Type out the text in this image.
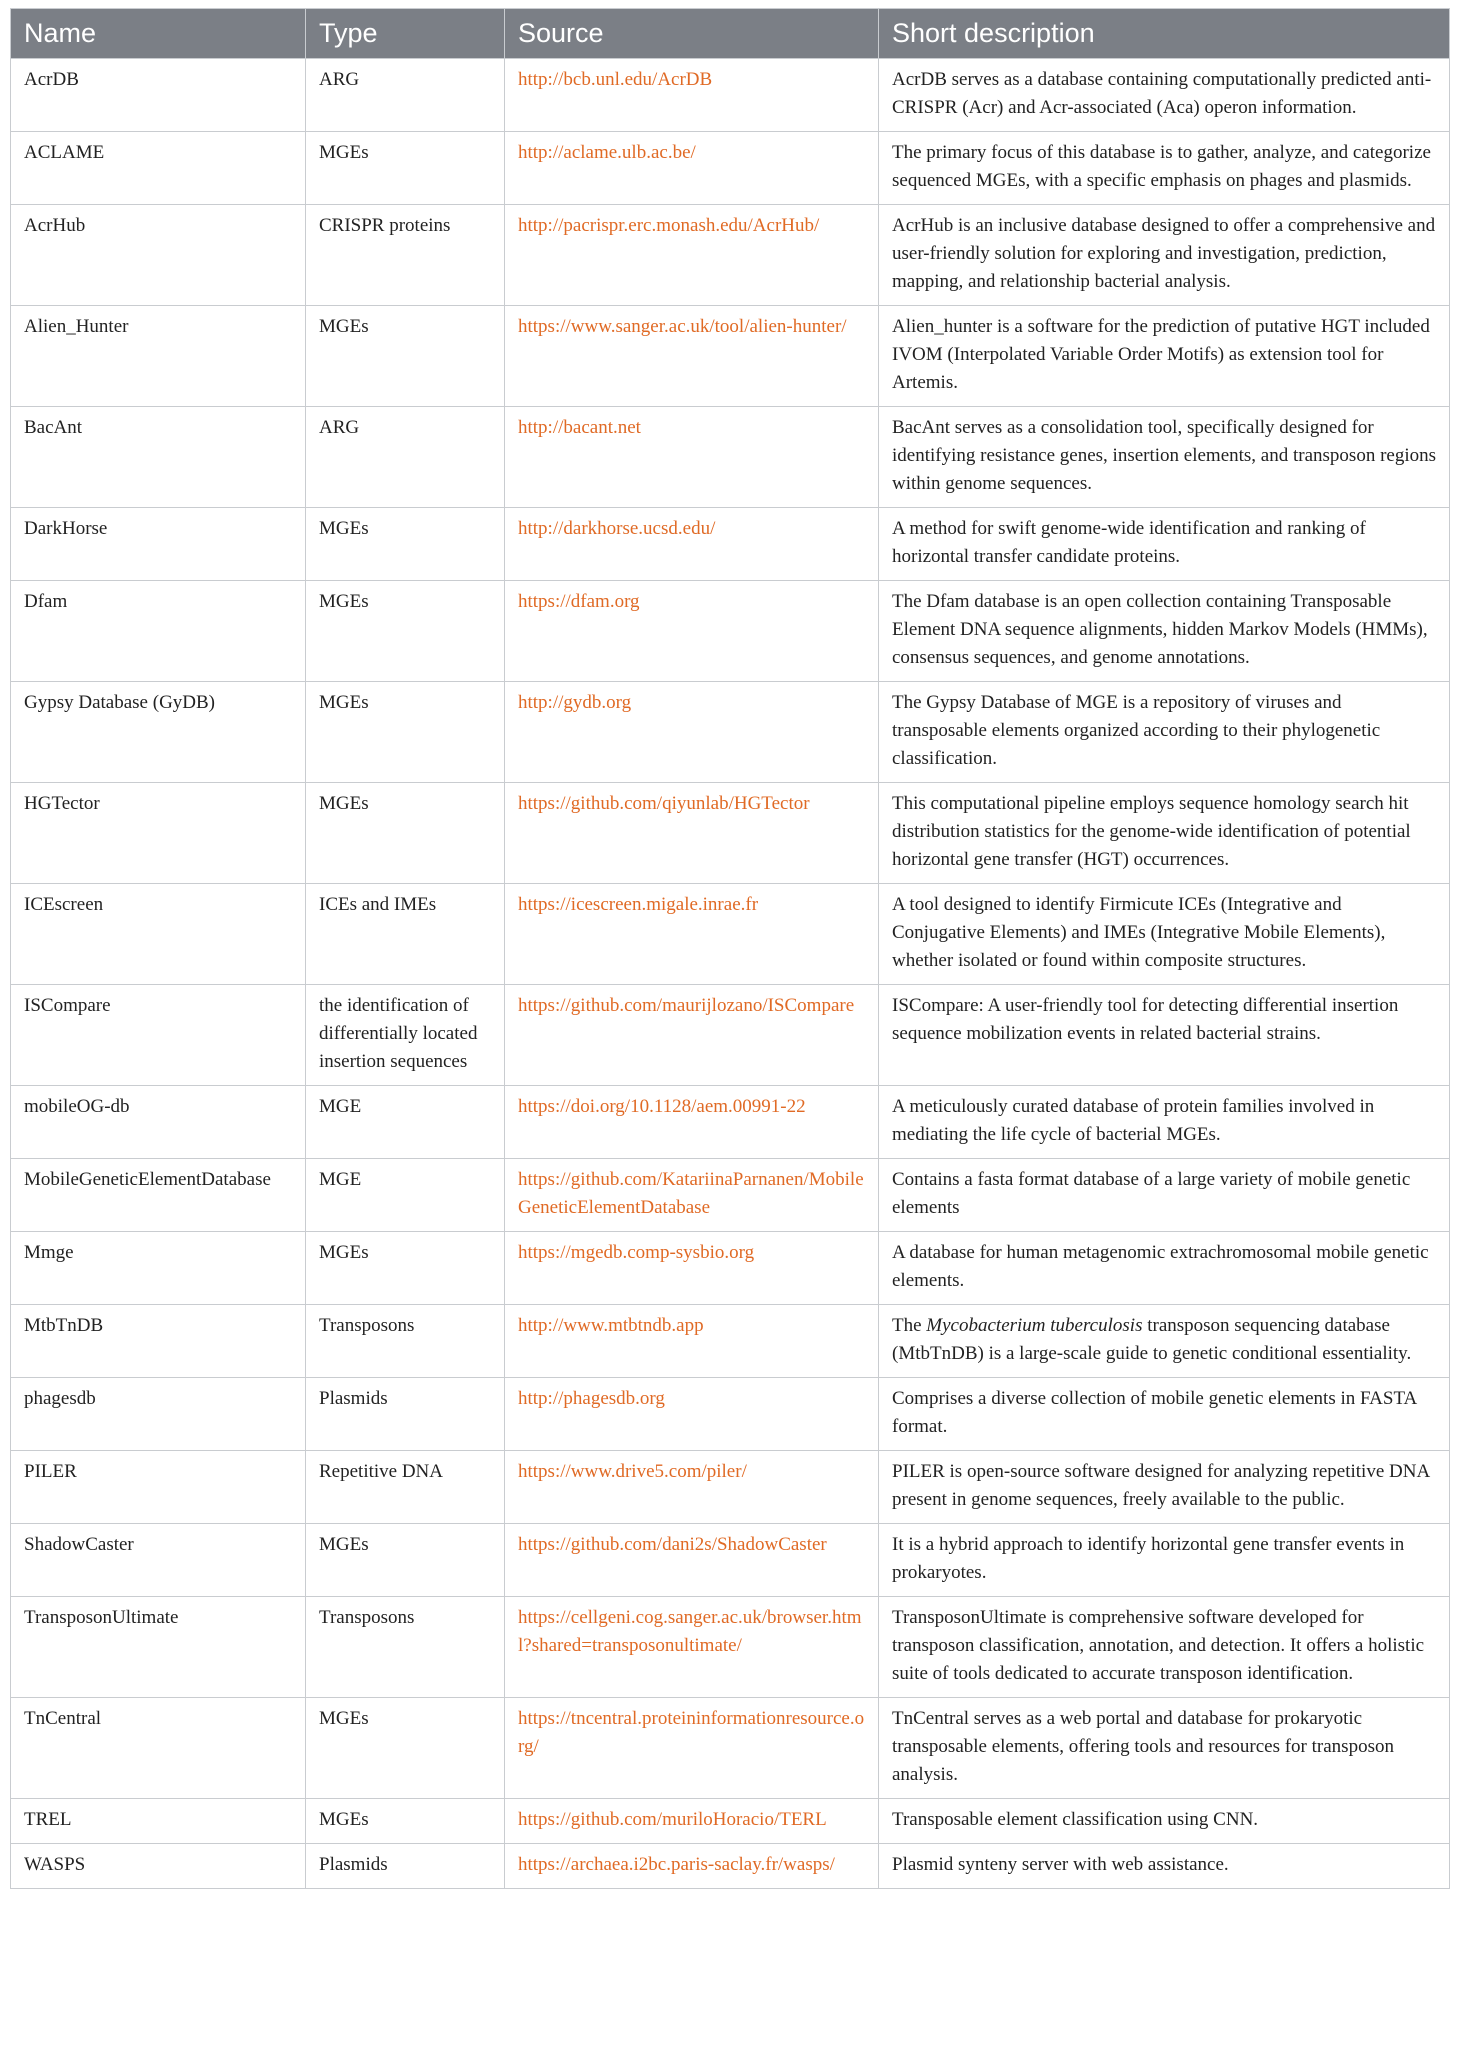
Name	Type	Source	Short description
AcrDB	ARG	http://bcb.unl.edu/AcrDB	AcrDB serves as a database containing computationally predicted anti-CRISPR (Acr) and Acr-associated (Aca) operon information.
ACLAME	MGEs	http://aclame.ulb.ac.be/	The primary focus of this database is to gather, analyze, and categorize sequenced MGEs, with a specific emphasis on phages and plasmids.
AcrHub	CRISPR proteins	http://pacrispr.erc.monash.edu/AcrHub/	AcrHub is an inclusive database designed to offer a comprehensive and user-friendly solution for exploring and investigation, prediction, mapping, and relationship bacterial analysis.
Alien_Hunter	MGEs	https://www.sanger.ac.uk/tool/alien-hunter/	Alien_hunter is a software for the prediction of putative HGT included IVOM (Interpolated Variable Order Motifs) as extension tool for Artemis.
BacAnt	ARG	http://bacant.net	BacAnt serves as a consolidation tool, specifically designed for identifying resistance genes, insertion elements, and transposon regions within genome sequences.
DarkHorse	MGEs	http://darkhorse.ucsd.edu/	A method for swift genome-wide identification and ranking of horizontal transfer candidate proteins.
Dfam	MGEs	https://dfam.org	The Dfam database is an open collection containing Transposable Element DNA sequence alignments, hidden Markov Models (HMMs), consensus sequences, and genome annotations.
Gypsy Database (GyDB)	MGEs	http://gydb.org	The Gypsy Database of MGE is a repository of viruses and transposable elements organized according to their phylogenetic classification.
HGTector	MGEs	https://github.com/qiyunlab/HGTector	This computational pipeline employs sequence homology search hit distribution statistics for the genome-wide identification of potential horizontal gene transfer (HGT) occurrences.
ICEscreen	ICEs and IMEs	https://icescreen.migale.inrae.fr	A tool designed to identify Firmicute ICEs (Integrative and Conjugative Elements) and IMEs (Integrative Mobile Elements), whether isolated or found within composite structures.
ISCompare	the identification of differentially located insertion sequences	https://github.com/maurijlozano/ISCompare	ISCompare: A user-friendly tool for detecting differential insertion sequence mobilization events in related bacterial strains.
mobileOG-db	MGE	https://doi.org/10.1128/aem.00991-22	A meticulously curated database of protein families involved in mediating the life cycle of bacterial MGEs.
MobileGeneticElementDatabase	MGE	https://github.com/KatariinaParnanen/MobileGeneticElementDatabase	Contains a fasta format database of a large variety of mobile genetic elements
Mmge	MGEs	https://mgedb.comp-sysbio.org	A database for human metagenomic extrachromosomal mobile genetic elements.
MtbTnDB	Transposons	http://www.mtbtndb.app	The Mycobacterium tuberculosis transposon sequencing database (MtbTnDB) is a large-scale guide to genetic conditional essentiality.
phagesdb	Plasmids	http://phagesdb.org	Comprises a diverse collection of mobile genetic elements in FASTA format.
PILER	Repetitive DNA	https://www.drive5.com/piler/	PILER is open-source software designed for analyzing repetitive DNA present in genome sequences, freely available to the public.
ShadowCaster	MGEs	https://github.com/dani2s/ShadowCaster	It is a hybrid approach to identify horizontal gene transfer events in prokaryotes.
TransposonUltimate	Transposons	https://cellgeni.cog.sanger.ac.uk/browser.html?shared=transposonultimate/	TransposonUltimate is comprehensive software developed for transposon classification, annotation, and detection. It offers a holistic suite of tools dedicated to accurate transposon identification.
TnCentral	MGEs	https://tncentral.proteininformationresource.org/	TnCentral serves as a web portal and database for prokaryotic transposable elements, offering tools and resources for transposon analysis.
TREL	MGEs	https://github.com/muriloHoracio/TERL	Transposable element classification using CNN.
WASPS	Plasmids	https://archaea.i2bc.paris-saclay.fr/wasps/	Plasmid synteny server with web assistance.
